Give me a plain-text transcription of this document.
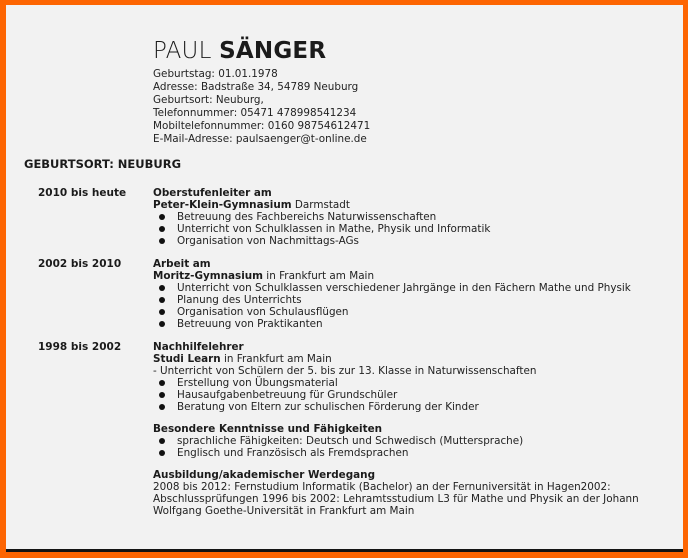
PAUL SÄNGER
Geburtstag: 01.01.1978
Adresse: Badstraße 34, 54789 Neuburg
Geburtsort: Neuburg,
Telefonnummer: 05471 478998541234
Mobiltelefonnummer: 0160 98754612471
E-Mail-Adresse: paulsaenger@t-online.de
GEBURTSORT: NEUBURG
2010 bis heute	Oberstufenleiter am
Peter-Klein-Gymnasium Darmstadt
Betreuung des Fachbereichs Naturwissenschaften
Unterricht von Schulklassen in Mathe, Physik und Informatik
Organisation von Nachmittags-AGs
2002 bis 2010	Arbeit am
Moritz-Gymnasium in Frankfurt am Main
Unterricht von Schulklassen verschiedener Jahrgänge in den Fächern Mathe und Physik
Planung des Unterrichts
Organisation von Schulausflügen
Betreuung von Praktikanten
1998 bis 2002	Nachhilfelehrer
Studi Learn in Frankfurt am Main
- Unterricht von Schülern der 5. bis zur 13. Klasse in Naturwissenschaften
Erstellung von Übungsmaterial
Hausaufgabenbetreuung für Grundschüler
Beratung von Eltern zur schulischen Förderung der Kinder
Besondere Kenntnisse und Fähigkeiten
sprachliche Fähigkeiten: Deutsch und Schwedisch (Muttersprache)
Englisch und Französisch als Fremdsprachen
Ausbildung/akademischer Werdegang
2008 bis 2012: Fernstudium Informatik (Bachelor) an der Fernuniversität in Hagen2002:
Abschlussprüfungen 1996 bis 2002: Lehramtsstudium L3 für Mathe und Physik an der Johann
Wolfgang Goethe-Universität in Frankfurt am Main
